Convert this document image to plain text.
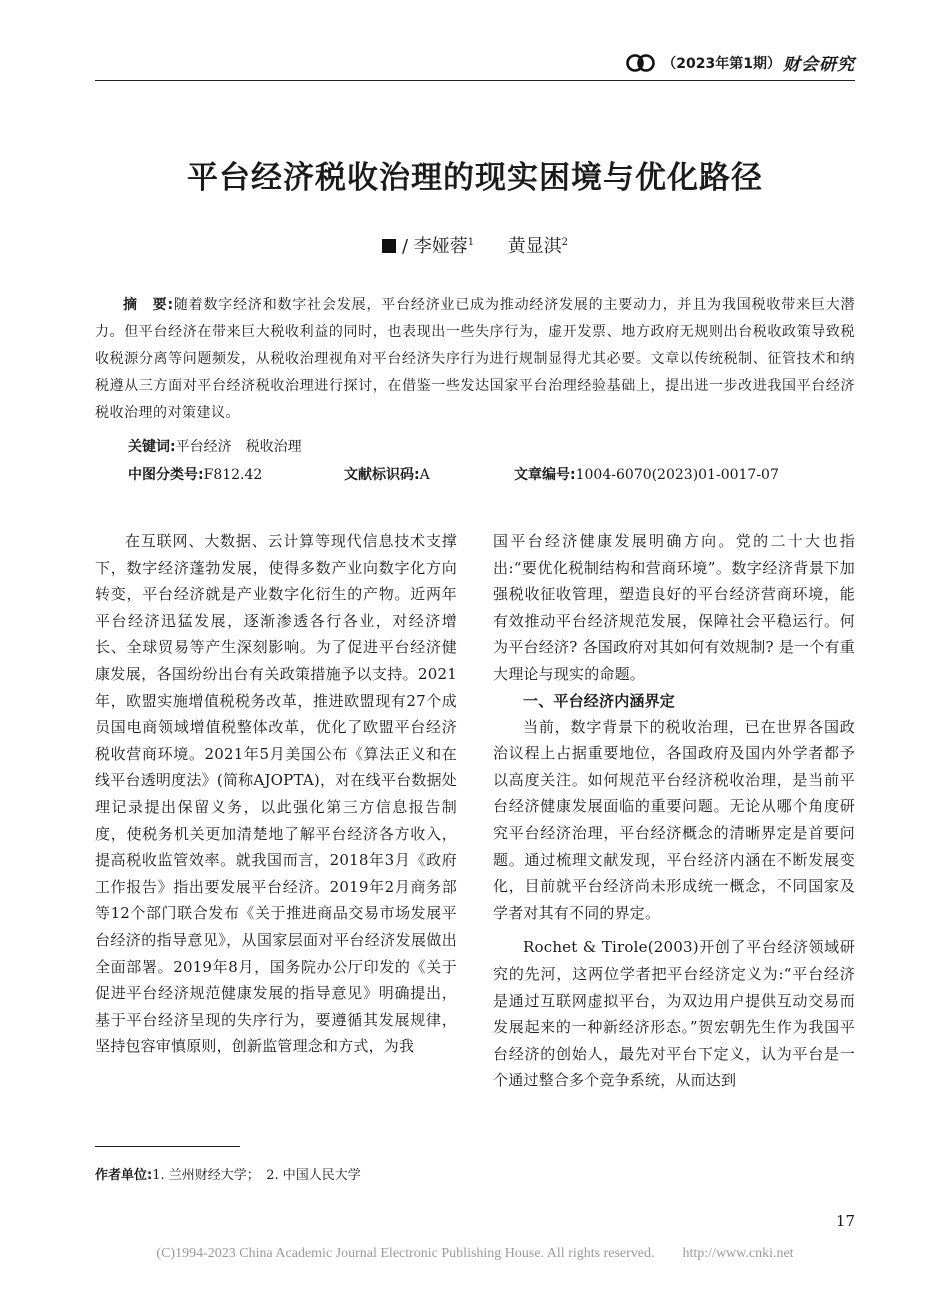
（2023年第1期） 财会研究
平台经济税收治理的现实困境与优化路径
/ 李娅蓉$^1$ 黄显淇$^2$
摘　要:随着数字经济和数字社会发展，平台经济业已成为推动经济发展的主要动力，并且为我国税收带来巨大潜力。但平台经济在带来巨大税收利益的同时，也表现出一些失序行为，虚开发票、地方政府无规则出台税收政策导致税收税源分离等问题频发，从税收治理视角对平台经济失序行为进行规制显得尤其必要。文章以传统税制、征管技术和纳税遵从三方面对平台经济税收治理进行探讨，在借鉴一些发达国家平台治理经验基础上，提出进一步改进我国平台经济税收治理的对策建议。
关键词:平台经济　税收治理
中图分类号:F812.42	文献标识码:A	文章编号:1004-6070(2023)01-0017-07

在互联网、大数据、云计算等现代信息技术支撑下，数字经济蓬勃发展，使得多数产业向数字化方向转变，平台经济就是产业数字化衍生的产物。近两年平台经济迅猛发展，逐渐渗透各行各业，对经济增长、全球贸易等产生深刻影响。为了促进平台经济健康发展，各国纷纷出台有关政策措施予以支持。2021年，欧盟实施增值税税务改革，推进欧盟现有27个成员国电商领域增值税整体改革，优化了欧盟平台经济税收营商环境。2021年5月美国公布《算法正义和在线平台透明度法》(简称AJOPTA)，对在线平台数据处理记录提出保留义务，以此强化第三方信息报告制度，使税务机关更加清楚地了解平台经济各方收入，提高税收监管效率。就我国而言，2018年3月《政府工作报告》指出要发展平台经济。2019年2月商务部等12个部门联合发布《关于推进商品交易市场发展平台经济的指导意见》，从国家层面对平台经济发展做出全面部署。2019年8月，国务院办公厅印发的《关于促进平台经济规范健康发展的指导意见》明确提出，基于平台经济呈现的失序行为，要遵循其发展规律，坚持包容审慎原则，创新监管理念和方式，为我

国平台经济健康发展明确方向。党的二十大也指出:“要优化税制结构和营商环境”。数字经济背景下加强税收征收管理，塑造良好的平台经济营商环境，能有效推动平台经济规范发展，保障社会平稳运行。何为平台经济? 各国政府对其如何有效规制? 是一个有重大理论与现实的命题。

一、平台经济内涵界定

当前，数字背景下的税收治理，已在世界各国政治议程上占据重要地位，各国政府及国内外学者都予以高度关注。如何规范平台经济税收治理，是当前平台经济健康发展面临的重要问题。无论从哪个角度研究平台经济治理，平台经济概念的清晰界定是首要问题。通过梳理文献发现，平台经济内涵在不断发展变化，目前就平台经济尚未形成统一概念，不同国家及学者对其有不同的界定。

Rochet & Tirole(2003)开创了平台经济领域研究的先河，这两位学者把平台经济定义为:“平台经济是通过互联网虚拟平台，为双边用户提供互动交易而发展起来的一种新经济形态。”贺宏朝先生作为我国平台经济的创始人，最先对平台下定义，认为平台是一个通过整合多个竞争系统，从而达到

作者单位:1. 兰州财经大学；　2. 中国人民大学
17
(C)1994-2023 China Academic Journal Electronic Publishing House. All rights reserved.　　http://www.cnki.net
